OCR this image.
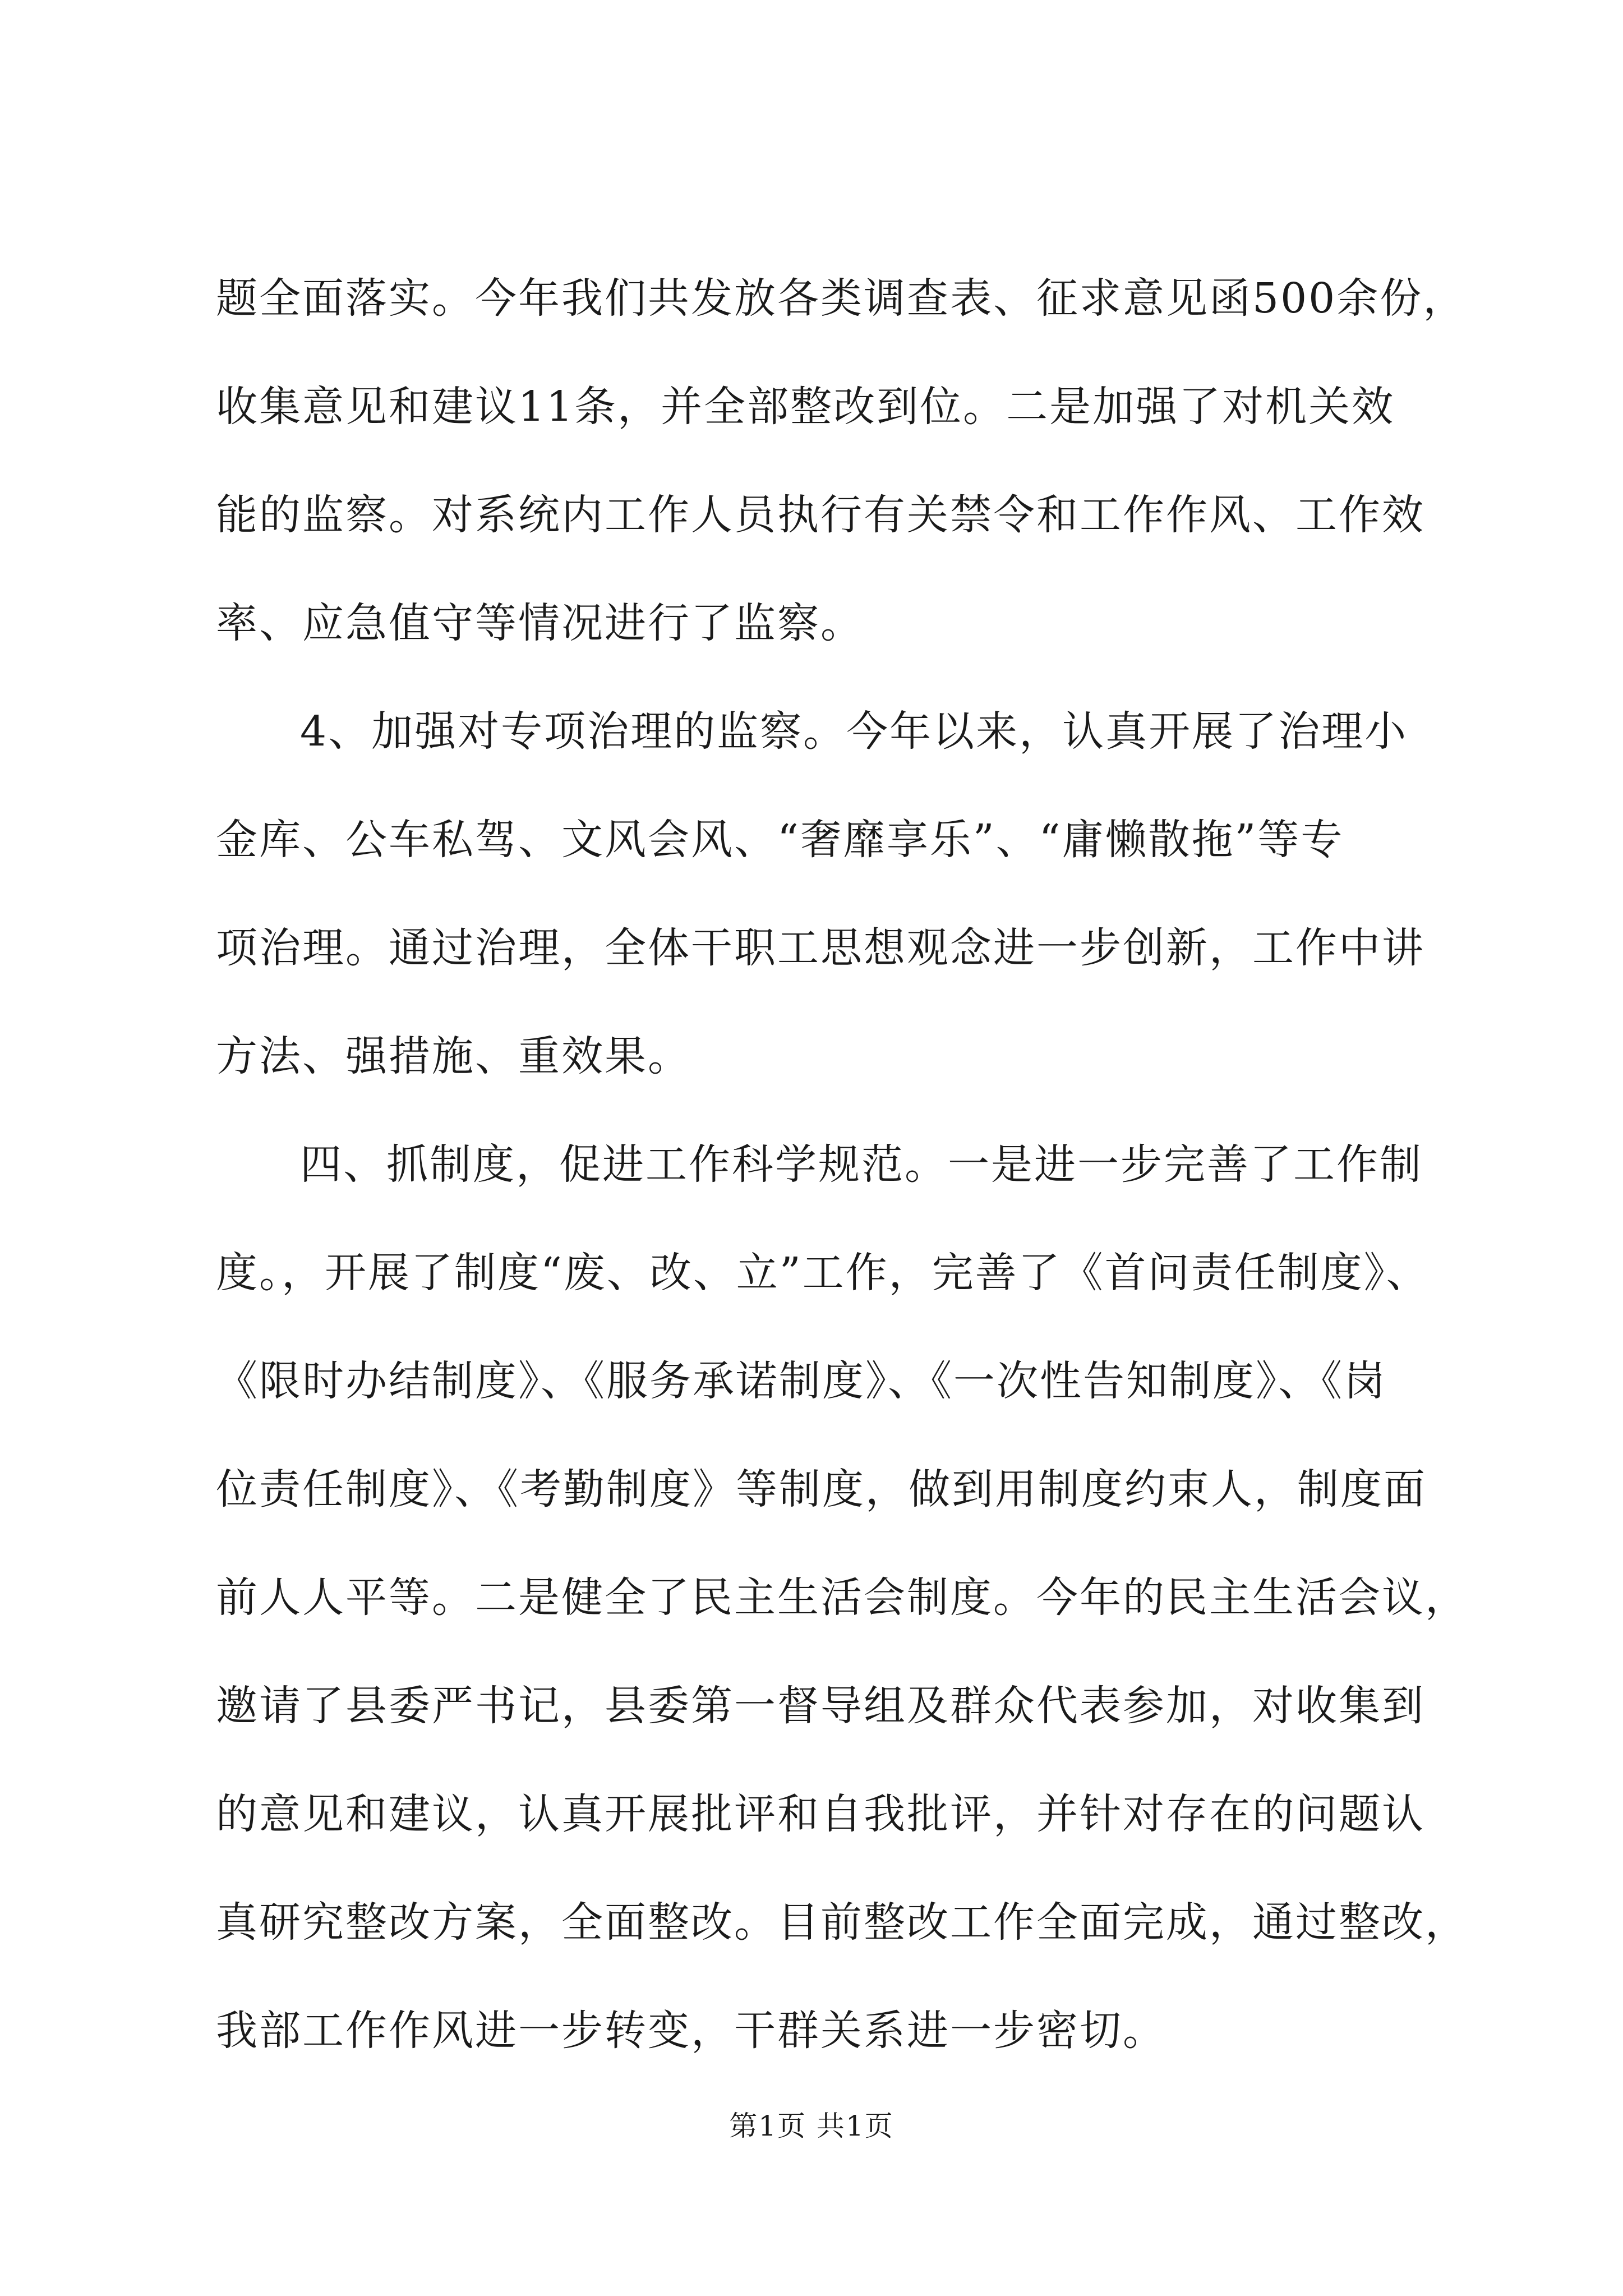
题全面落实。今年我们共发放各类调查表、征求意见函500余份，
收集意见和建议11条，并全部整改到位。二是加强了对机关效
能的监察。对系统内工作人员执行有关禁令和工作作风、工作效
率、应急值守等情况进行了监察。
4、加强对专项治理的监察。今年以来，认真开展了治理小
金库、公车私驾、文风会风、“奢靡享乐”、“庸懒散拖”等专
项治理。通过治理，全体干职工思想观念进一步创新，工作中讲
方法、强措施、重效果。
四、抓制度，促进工作科学规范。一是进一步完善了工作制
度。，开展了制度“废、改、立”工作，完善了《首问责任制度》、
《限时办结制度》、《服务承诺制度》、《一次性告知制度》、《岗
位责任制度》、《考勤制度》等制度，做到用制度约束人，制度面
前人人平等。二是健全了民主生活会制度。今年的民主生活会议，
邀请了县委严书记，县委第一督导组及群众代表参加，对收集到
的意见和建议，认真开展批评和自我批评，并针对存在的问题认
真研究整改方案，全面整改。目前整改工作全面完成，通过整改，
我部工作作风进一步转变，干群关系进一步密切。
第1页 共1页
